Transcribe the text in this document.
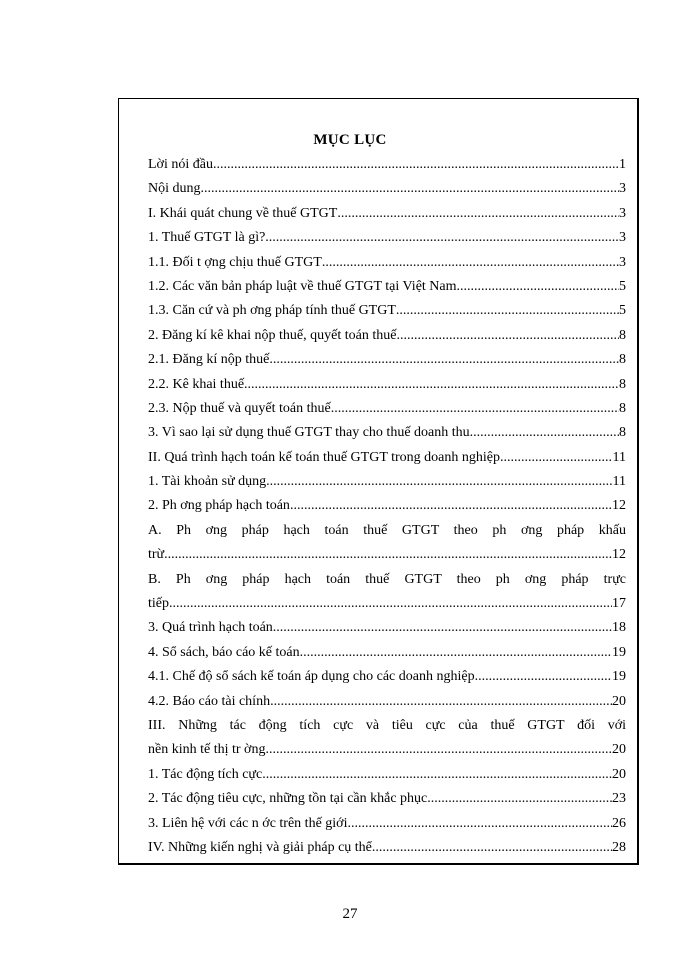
MỤC LỤC
Lời nói đầu .....	1
Nội dung .....	3
I. Khái quát chung về thuế GTGT .....	3
1. Thuế GTGT là gì? .....	3
1.1. Đối t ợng chịu thuế GTGT .....	3
1.2. Các văn bản pháp luật về thuế GTGT tại Việt Nam .....	5
1.3. Căn cứ và ph ơng pháp tính thuế GTGT .....	5
2. Đăng kí kê khai nộp thuế, quyết toán thuế .....	8
2.1. Đăng kí nộp thuế .....	8
2.2. Kê khai thuế .....	8
2.3. Nộp thuế và quyết toán thuế .....	8
3. Vì sao lại sử dụng thuế GTGT thay cho thuế doanh thu .....	8
II. Quá trình hạch toán kế toán thuế GTGT trong doanh nghiệp .....	11
1. Tài khoản sử dụng .....	11
2. Ph ơng pháp hạch toán .....	12
A. Ph ơng pháp hạch toán thuế GTGT theo ph ơng pháp khấu
trừ .....	12
B. Ph ơng pháp hạch toán thuế GTGT theo ph ơng pháp trực
tiếp .....	17
3. Quá trình hạch toán .....	18
4. Sổ sách, báo cáo kế toán .....	19
4.1. Chế độ sổ sách kế toán áp dụng cho các doanh nghiệp .....	19
4.2. Báo cáo tài chính .....	20
III. Những tác động tích cực và tiêu cực của thuế GTGT đối với
nền kinh tế thị tr ờng .....	20
1. Tác động tích cực .....	20
2. Tác động tiêu cực, những tồn tại cần khắc phục .....	23
3. Liên hệ với các n ớc trên thế giới .....	26
IV. Những kiến nghị và giải pháp cụ thể .....	28
27
